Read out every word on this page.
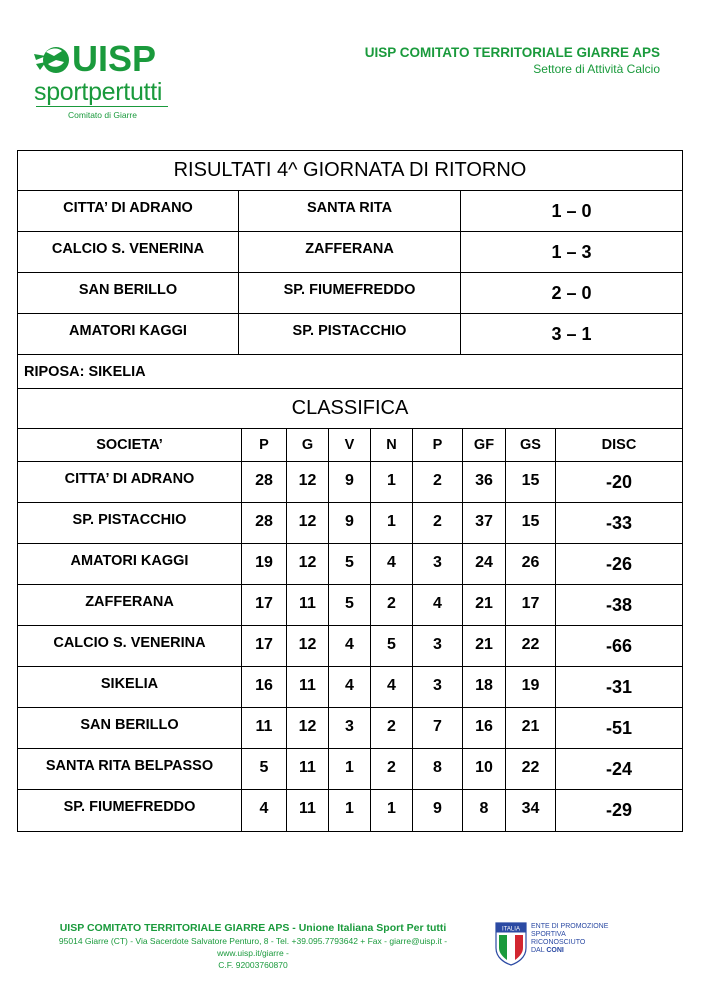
UISP
sportpertutti
Comitato di Giarre
UISP COMITATO TERRITORIALE GIARRE APS
Settore di Attività Calcio
RISULTATI 4^ GIORNATA DI RITORNO
CITTA’ DI ADRANO	SANTA RITA	1 – 0
CALCIO S. VENERINA	ZAFFERANA	1 – 3
SAN BERILLO	SP. FIUMEFREDDO	2 – 0
AMATORI KAGGI	SP. PISTACCHIO	3 – 1
RIPOSA: SIKELIA
CLASSIFICA
SOCIETA’	P	G	V	N	P	GF	GS	DISC
CITTA’ DI ADRANO	28	12	9	1	2	36	15	-20
SP. PISTACCHIO	28	12	9	1	2	37	15	-33
AMATORI KAGGI	19	12	5	4	3	24	26	-26
ZAFFERANA	17	11	5	2	4	21	17	-38
CALCIO S. VENERINA	17	12	4	5	3	21	22	-66
SIKELIA	16	11	4	4	3	18	19	-31
SAN BERILLO	11	12	3	2	7	16	21	-51
SANTA RITA BELPASSO	5	11	1	2	8	10	22	-24
SP. FIUMEFREDDO	4	11	1	1	9	8	34	-29
UISP COMITATO TERRITORIALE GIARRE APS - Unione Italiana Sport Per tutti
95014 Giarre (CT) - Via Sacerdote Salvatore Penturo, 8 - Tel. +39.095.7793642 + Fax - giarre@uisp.it - www.uisp.it/giarre -
C.F. 92003760870
ITALIA ENTE DI PROMOZIONE
SPORTIVA
RICONOSCIUTO
DAL CONI
